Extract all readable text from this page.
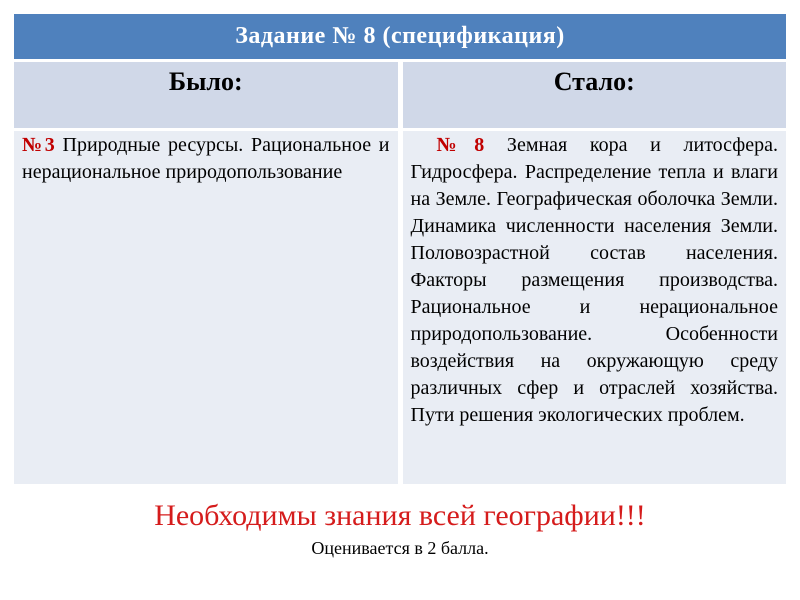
Задание № 8 (спецификация)
Было:	Стало:

№3 Природные ресурсы. Рациональное и нерациональное природопользование

№8 Земная кора и литосфера. Гидросфера. Распределение тепла и влаги на Земле. Географическая оболочка Земли. Динамика численности населения Земли. Половозрастной состав населения. Факторы размещения производства. Рациональное и нерациональное природопользование. Особенности воздействия на окружающую среду различных сфер и отраслей хозяйства. Пути решения экологических проблем.

Необходимы знания всей географии!!!
Оценивается в 2 балла.
